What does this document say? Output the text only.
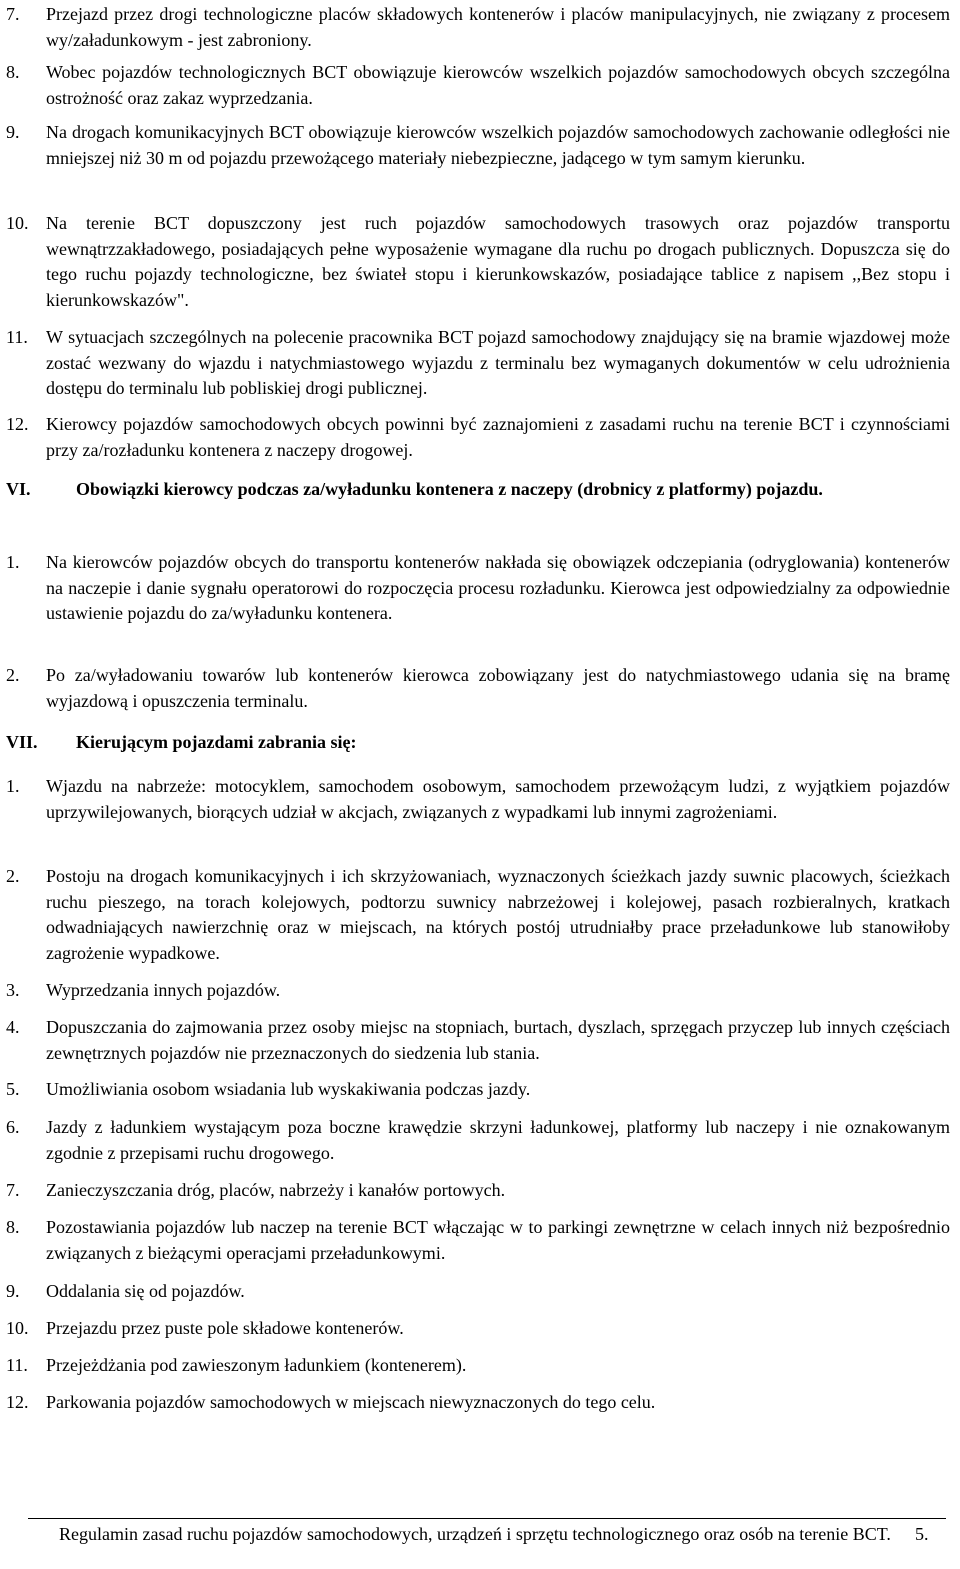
7.	Przejazd przez drogi technologiczne placów składowych kontenerów i placów manipulacyjnych, nie związany z procesem wy/załadunkowym - jest zabroniony.
8.	Wobec pojazdów technologicznych BCT obowiązuje kierowców wszelkich pojazdów samochodowych obcych szczególna ostrożność oraz zakaz wyprzedzania.
9.	Na drogach komunikacyjnych BCT obowiązuje kierowców wszelkich pojazdów samochodowych zachowanie odległości nie mniejszej niż 30 m od pojazdu przewożącego materiały niebezpieczne, jadącego w tym samym kierunku.
10. Na terenie BCT dopuszczony jest ruch pojazdów samochodowych trasowych oraz pojazdów transportu wewnątrzzakładowego, posiadających pełne wyposażenie wymagane dla ruchu po drogach publicznych. Dopuszcza się do tego ruchu pojazdy technologiczne, bez świateł stopu i kierunkowskazów, posiadające tablice z napisem ,,Bez stopu i kierunkowskazów".
11.	W sytuacjach szczególnych na polecenie pracownika BCT pojazd samochodowy znajdujący się na bramie wjazdowej może zostać wezwany do wjazdu i natychmiastowego wyjazdu z terminalu bez wymaganych dokumentów w celu udrożnienia dostępu do terminalu lub pobliskiej drogi publicznej.
12. Kierowcy pojazdów samochodowych obcych powinni być zaznajomieni z zasadami ruchu na terenie BCT i czynnościami przy za/rozładunku kontenera z naczepy drogowej.
VI.	Obowiązki kierowcy podczas za/wyładunku kontenera z naczepy (drobnicy z platformy) pojazdu.
1.	Na kierowców pojazdów obcych do transportu kontenerów nakłada się obowiązek odczepiania (odryglowania) kontenerów na naczepie i danie sygnału operatorowi do rozpoczęcia procesu rozładunku. Kierowca jest odpowiedzialny za odpowiednie ustawienie pojazdu do za/wyładunku kontenera.
2.	Po za/wyładowaniu towarów lub kontenerów kierowca zobowiązany jest do natychmiastowego udania się na bramę wyjazdową i opuszczenia terminalu.
VII.	Kierującym pojazdami zabrania się:
1.	Wjazdu na nabrzeże: motocyklem, samochodem osobowym, samochodem przewożącym ludzi, z wyjątkiem pojazdów uprzywilejowanych, biorących udział w akcjach, związanych z wypadkami lub innymi zagrożeniami.
2.	Postoju na drogach komunikacyjnych i ich skrzyżowaniach, wyznaczonych ścieżkach jazdy suwnic placowych, ścieżkach ruchu pieszego, na torach kolejowych, podtorzu suwnicy nabrzeżowej i kolejowej, pasach rozbieralnych, kratkach odwadniających nawierzchnię oraz w miejscach, na których postój utrudniałby prace przeładunkowe lub stanowiłoby zagrożenie wypadkowe.
3.	Wyprzedzania innych pojazdów.
4.	Dopuszczania do zajmowania przez osoby miejsc na stopniach, burtach, dyszlach, sprzęgach przyczep lub innych częściach zewnętrznych pojazdów nie przeznaczonych do siedzenia lub stania.
5.	Umożliwiania osobom wsiadania lub wyskakiwania podczas jazdy.
6.	Jazdy z ładunkiem wystającym poza boczne krawędzie skrzyni ładunkowej, platformy lub naczepy i nie oznakowanym zgodnie z przepisami ruchu drogowego.
7.	Zanieczyszczania dróg, placów, nabrzeży i kanałów portowych.
8.	Pozostawiania pojazdów lub naczep na terenie BCT włączając w to parkingi zewnętrzne w celach innych niż bezpośrednio związanych z bieżącymi operacjami przeładunkowymi.
9.	Oddalania się od pojazdów.
10. Przejazdu przez puste pole składowe kontenerów.
11.	Przejeżdżania pod zawieszonym ładunkiem (kontenerem).
12. Parkowania pojazdów samochodowych w miejscach niewyznaczonych do tego celu.
Regulamin zasad ruchu pojazdów samochodowych, urządzeń i sprzętu technologicznego oraz osób na terenie BCT.	5.
